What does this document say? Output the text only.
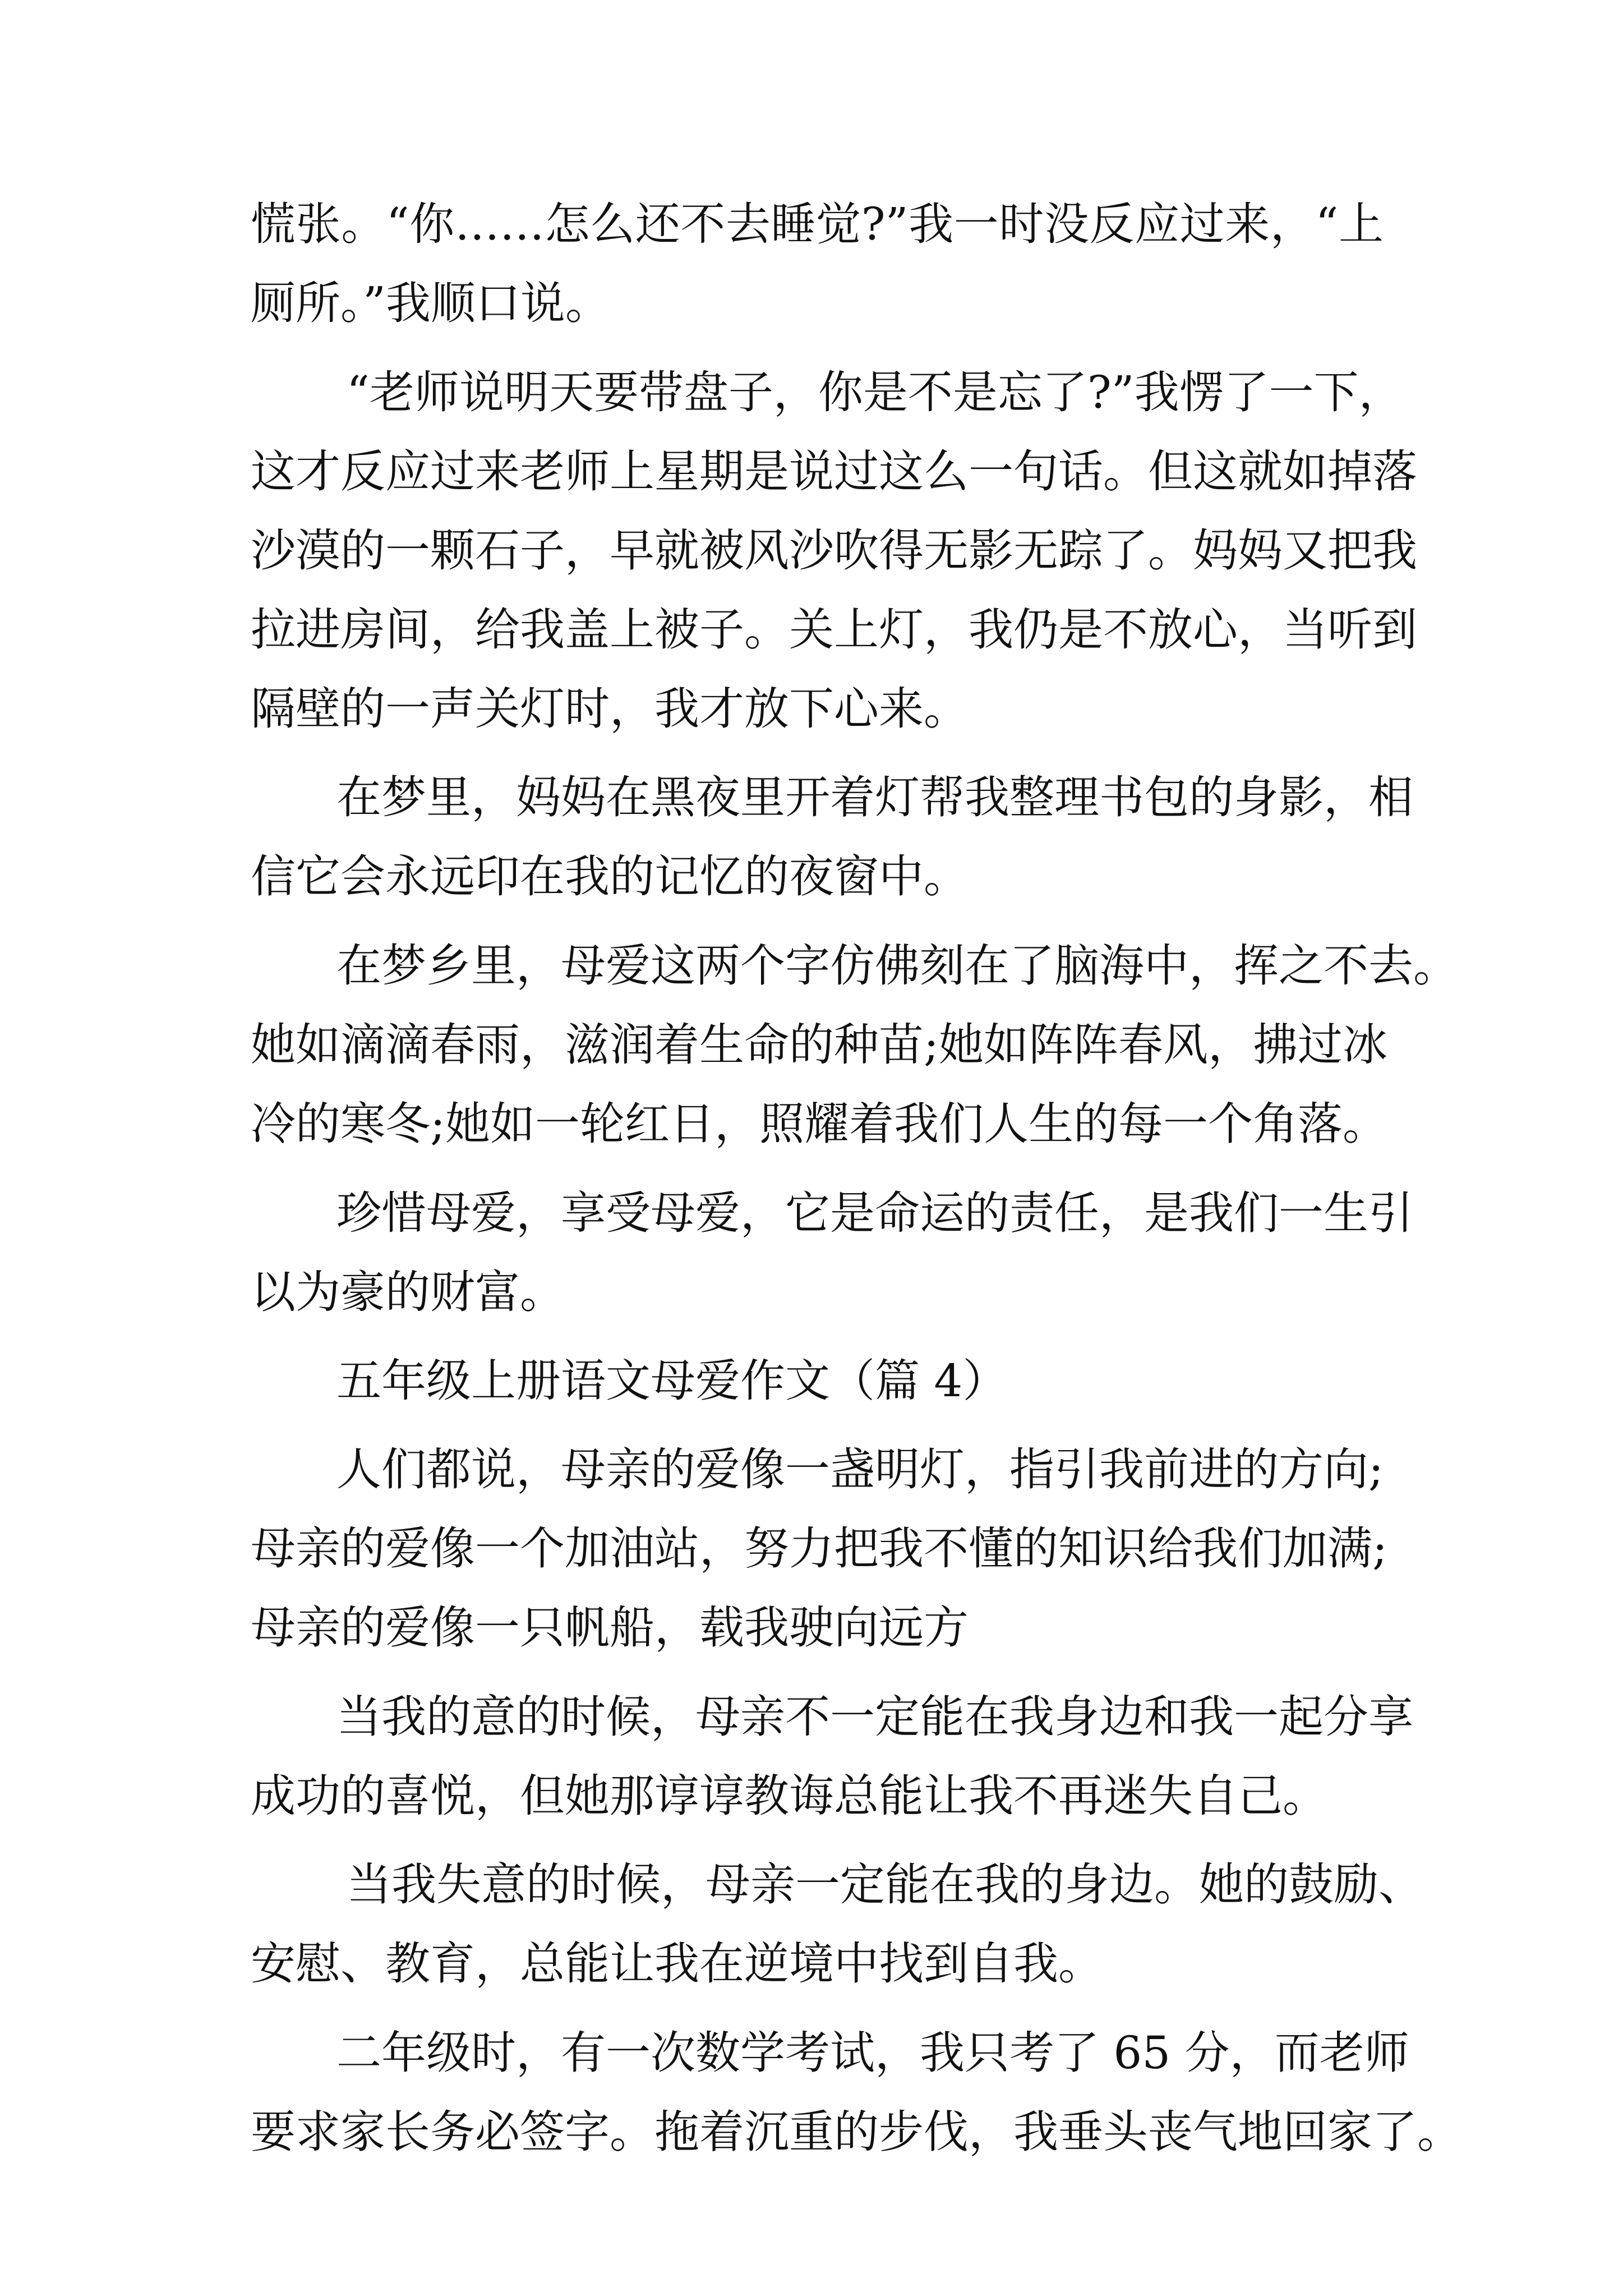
慌张。“你……怎么还不去睡觉?”我一时没反应过来，“上
厕所。”我顺口说。
“老师说明天要带盘子，你是不是忘了?”我愣了一下，
这才反应过来老师上星期是说过这么一句话。但这就如掉落
沙漠的一颗石子，早就被风沙吹得无影无踪了。妈妈又把我
拉进房间，给我盖上被子。关上灯，我仍是不放心，当听到
隔壁的一声关灯时，我才放下心来。
在梦里，妈妈在黑夜里开着灯帮我整理书包的身影，相
信它会永远印在我的记忆的夜窗中。
在梦乡里，母爱这两个字仿佛刻在了脑海中，挥之不去。
她如滴滴春雨，滋润着生命的种苗;她如阵阵春风，拂过冰
冷的寒冬;她如一轮红日，照耀着我们人生的每一个角落。
珍惜母爱，享受母爱，它是命运的责任，是我们一生引
以为豪的财富。
五年级上册语文母爱作文（篇 4）
人们都说，母亲的爱像一盏明灯，指引我前进的方向;
母亲的爱像一个加油站，努力把我不懂的知识给我们加满;
母亲的爱像一只帆船，载我驶向远方
当我的意的时候，母亲不一定能在我身边和我一起分享
成功的喜悦，但她那谆谆教诲总能让我不再迷失自己。
当我失意的时候，母亲一定能在我的身边。她的鼓励、
安慰、教育，总能让我在逆境中找到自我。
二年级时，有一次数学考试，我只考了 65 分，而老师
要求家长务必签字。拖着沉重的步伐，我垂头丧气地回家了。
